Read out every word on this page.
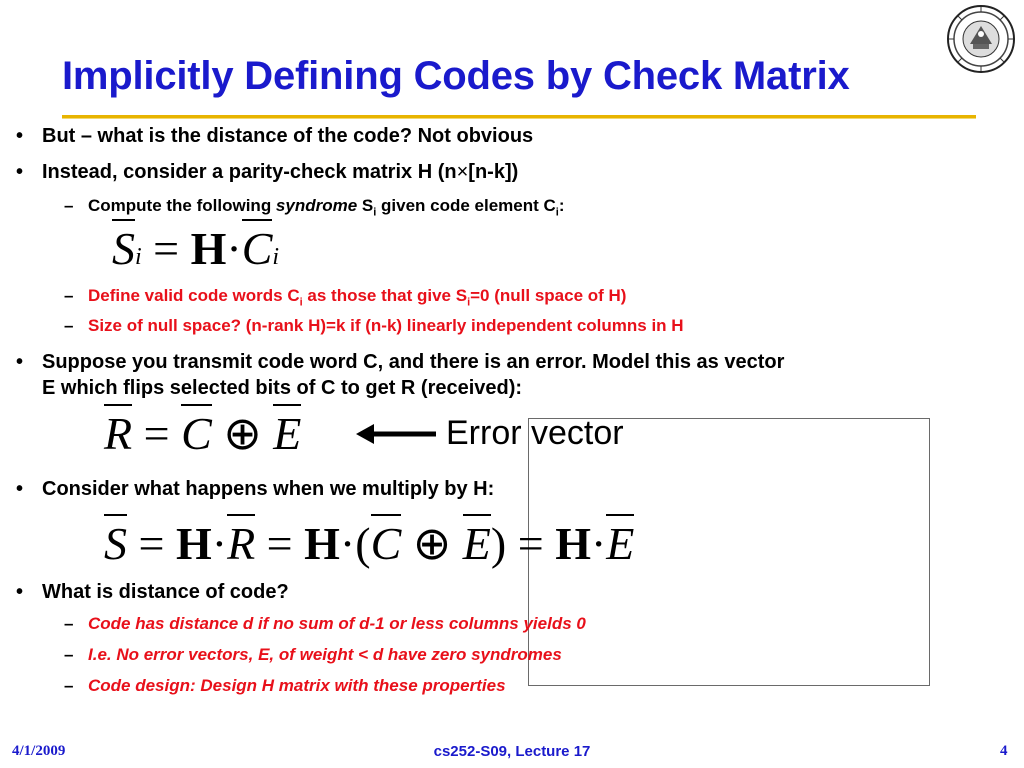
Implicitly Defining Codes by Check Matrix
• But – what is the distance of the code? Not obvious
• Instead, consider a parity-check matrix H (n×[n-k])
– Compute the following syndrome $S_i$ given code element $C_i$:
Si = H·Ci
– Define valid code words $C_i$ as those that give $S_i=0$ (null space of H)
– Size of null space? (n-rank H)=k if (n-k) linearly independent columns in H
• Suppose you transmit code word C, and there is an error. Model this as vector
E which flips selected bits of C to get R (received):
Error vector
R = C ⊕ E
• Consider what happens when we multiply by H:
S = H·R = H·(C ⊕ E) = H·E
• What is distance of code?
– Code has distance d if no sum of d-1 or less columns yields 0
– I.e. No error vectors, E, of weight < d have zero syndromes
– Code design: Design H matrix with these properties
4/1/2009	cs252-S09, Lecture 17	4
